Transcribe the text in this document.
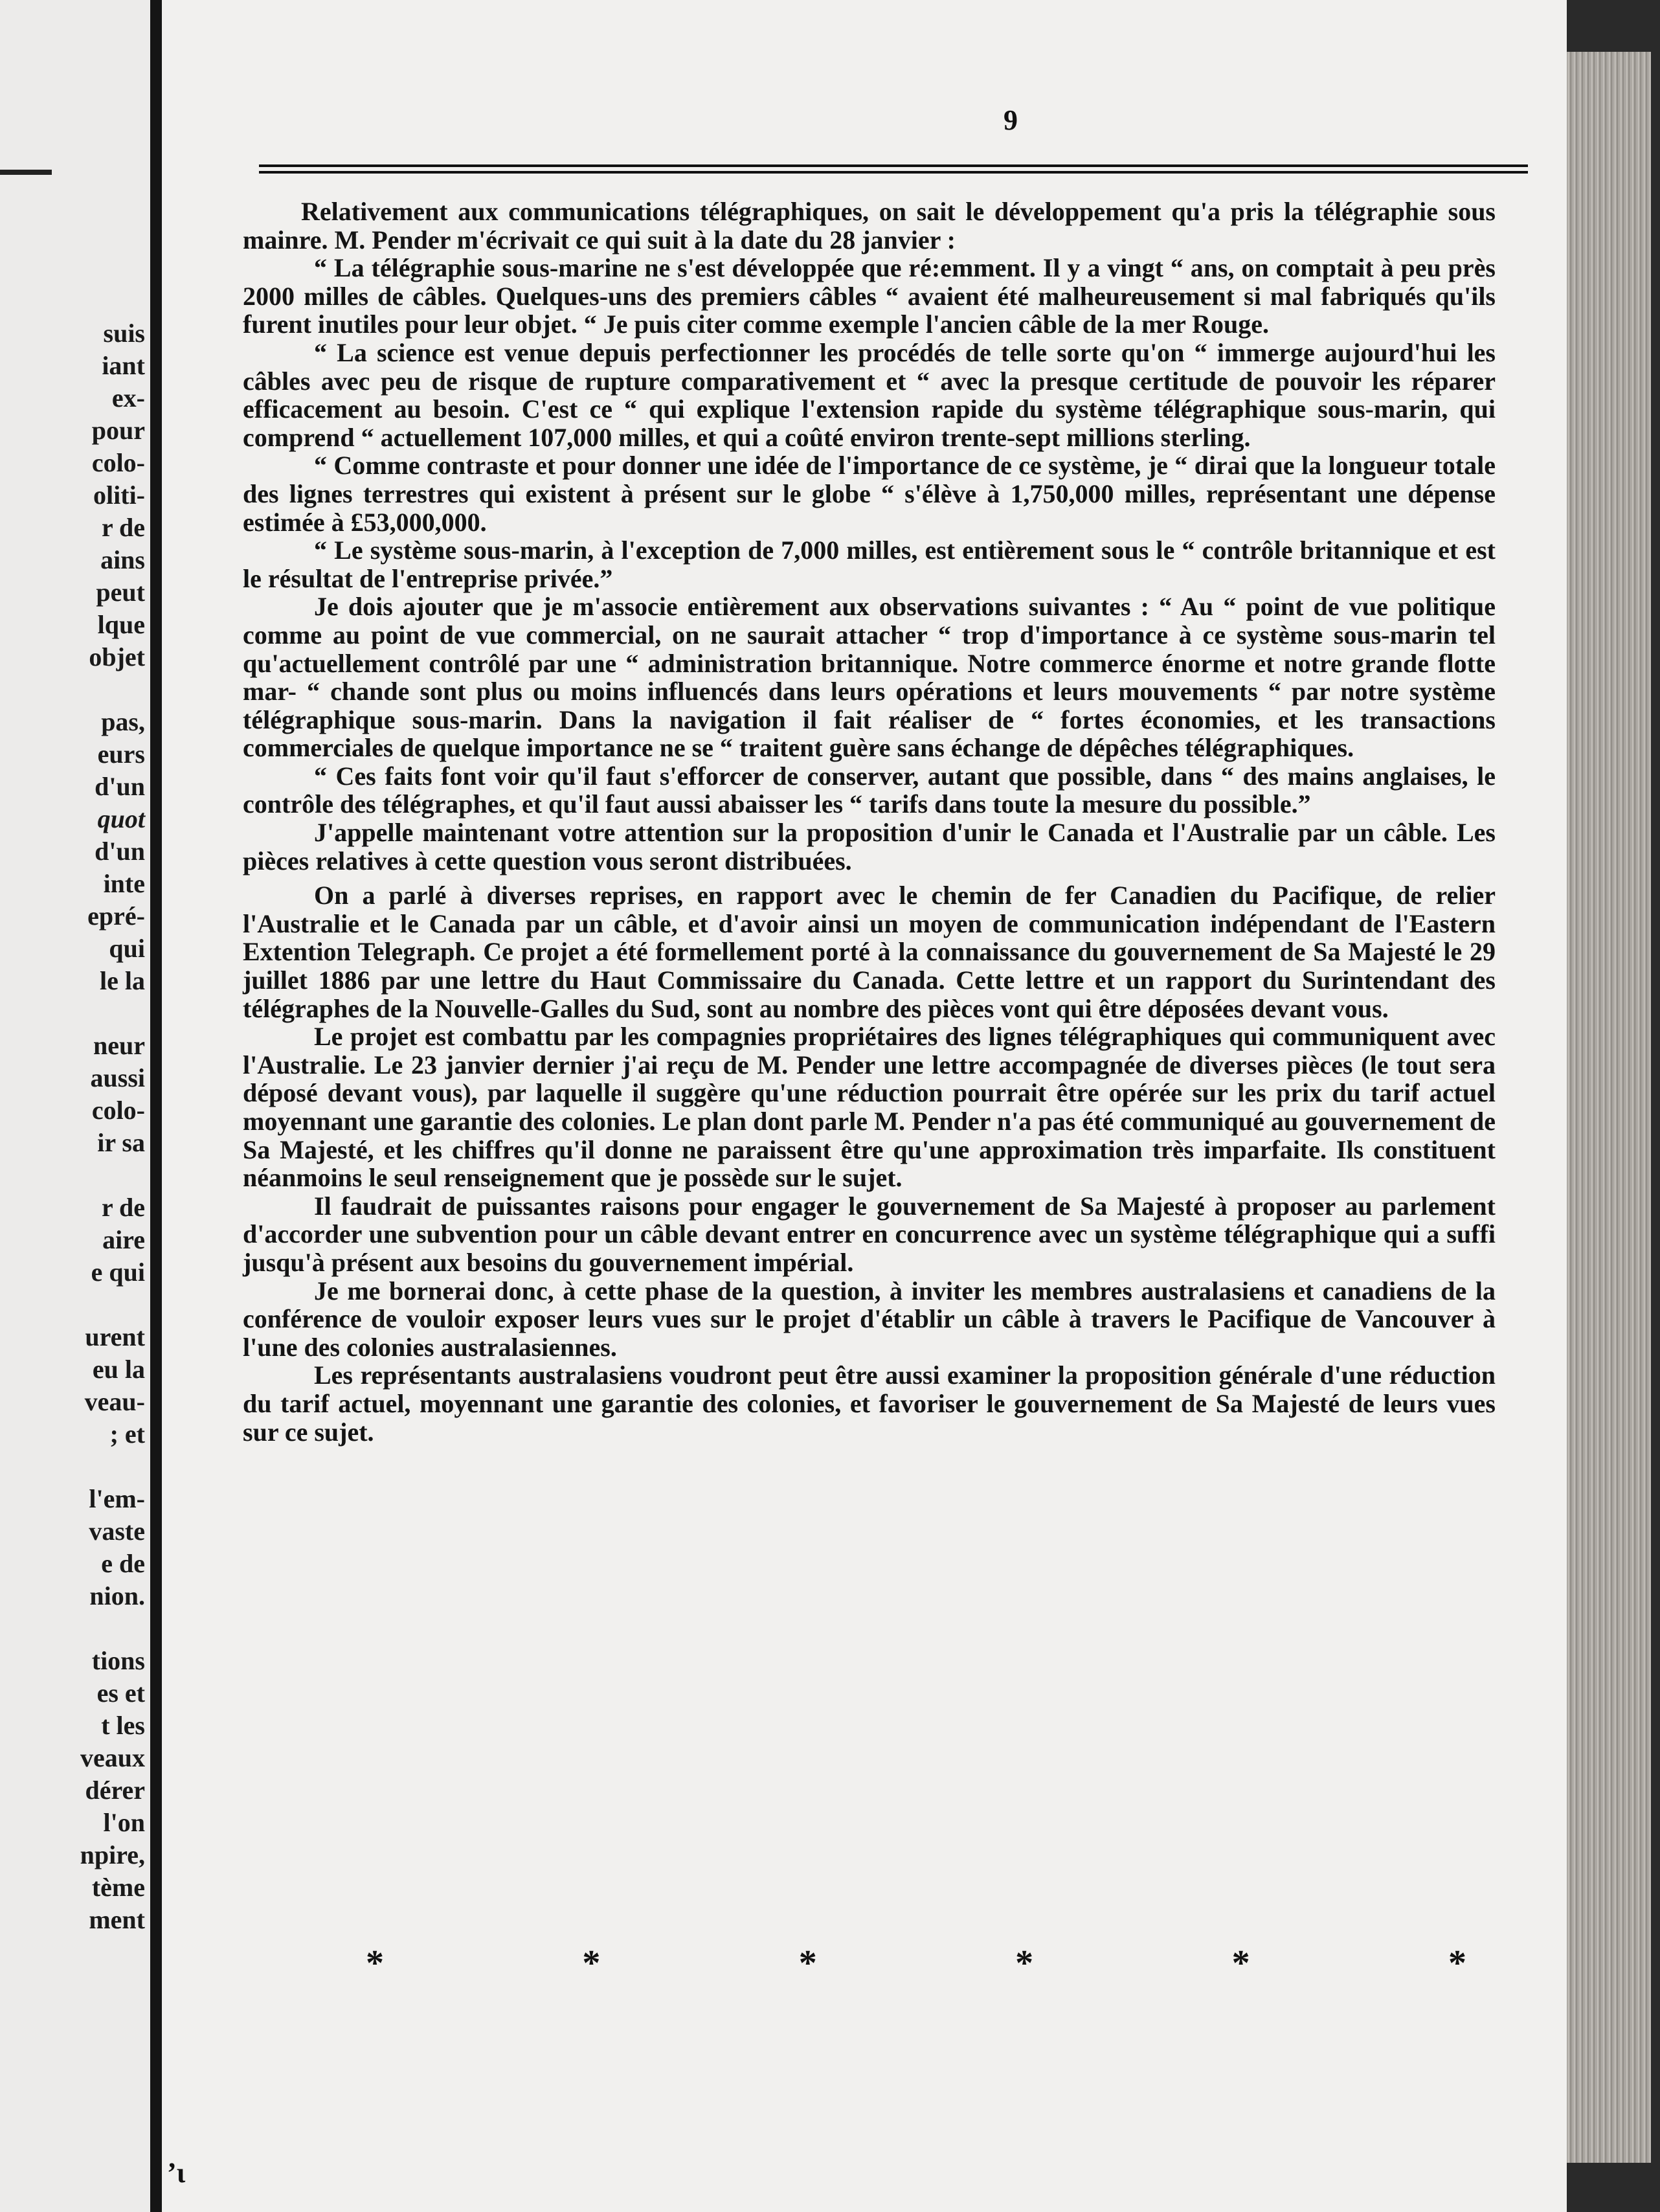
suis
iant
ex-
pour
colo-
oliti-
r de
ains
peut
lque
objet
pas,
eurs
d'un
quot
d'un
inte
epré-
qui
le la
neur
aussi
colo-
ir sa
r de
aire
e qui
urent
eu la
veau-
; et
l'em-
vaste
e de
nion.
tions
es et
t les
veaux
dérer
l'on
npire,
tème
ment
9

Relativement aux communications télégraphiques, on sait le développement qu'a pris la télégraphie sous mainre. M. Pender m'écrivait ce qui suit à la date du 28 janvier :

“ La télégraphie sous-marine ne s'est développée que ré:emment. Il y a vingt “ ans, on comptait à peu près 2000 milles de câbles. Quelques-uns des premiers câbles “ avaient été malheureusement si mal fabriqués qu'ils furent inutiles pour leur objet. “ Je puis citer comme exemple l'ancien câble de la mer Rouge.

“ La science est venue depuis perfectionner les procédés de telle sorte qu'on “ immerge aujourd'hui les câbles avec peu de risque de rupture comparativement et “ avec la presque certitude de pouvoir les réparer efficacement au besoin. C'est ce “ qui explique l'extension rapide du système télégraphique sous-marin, qui comprend “ actuellement 107,000 milles, et qui a coûté environ trente-sept millions sterling.

“ Comme contraste et pour donner une idée de l'importance de ce système, je “ dirai que la longueur totale des lignes terrestres qui existent à présent sur le globe “ s'élève à 1,750,000 milles, représentant une dépense estimée à £53,000,000.

“ Le système sous-marin, à l'exception de 7,000 milles, est entièrement sous le “ contrôle britannique et est le résultat de l'entreprise privée.”

Je dois ajouter que je m'associe entièrement aux observations suivantes : “ Au “ point de vue politique comme au point de vue commercial, on ne saurait attacher “ trop d'importance à ce système sous-marin tel qu'actuellement contrôlé par une “ administration britannique. Notre commerce énorme et notre grande flotte mar- “ chande sont plus ou moins influencés dans leurs opérations et leurs mouvements “ par notre système télégraphique sous-marin. Dans la navigation il fait réaliser de “ fortes économies, et les transactions commerciales de quelque importance ne se “ traitent guère sans échange de dépêches télégraphiques.

“ Ces faits font voir qu'il faut s'efforcer de conserver, autant que possible, dans “ des mains anglaises, le contrôle des télégraphes, et qu'il faut aussi abaisser les “ tarifs dans toute la mesure du possible.”

J'appelle maintenant votre attention sur la proposition d'unir le Canada et l'Australie par un câble. Les pièces relatives à cette question vous seront distribuées.

On a parlé à diverses reprises, en rapport avec le chemin de fer Canadien du Pacifique, de relier l'Australie et le Canada par un câble, et d'avoir ainsi un moyen de communication indépendant de l'Eastern Extention Telegraph. Ce projet a été formellement porté à la connaissance du gouvernement de Sa Majesté le 29 juillet 1886 par une lettre du Haut Commissaire du Canada. Cette lettre et un rapport du Surintendant des télégraphes de la Nouvelle-Galles du Sud, sont au nombre des pièces vont qui être déposées devant vous.

Le projet est combattu par les compagnies propriétaires des lignes télégraphiques qui communiquent avec l'Australie. Le 23 janvier dernier j'ai reçu de M. Pender une lettre accompagnée de diverses pièces (le tout sera déposé devant vous), par laquelle il suggère qu'une réduction pourrait être opérée sur les prix du tarif actuel moyennant une garantie des colonies. Le plan dont parle M. Pender n'a pas été communiqué au gouvernement de Sa Majesté, et les chiffres qu'il donne ne paraissent être qu'une approximation très imparfaite. Ils constituent néanmoins le seul renseignement que je possède sur le sujet.

Il faudrait de puissantes raisons pour engager le gouvernement de Sa Majesté à proposer au parlement d'accorder une subvention pour un câble devant entrer en concurrence avec un système télégraphique qui a suffi jusqu'à présent aux besoins du gouvernement impérial.

Je me bornerai donc, à cette phase de la question, à inviter les membres australasiens et canadiens de la conférence de vouloir exposer leurs vues sur le projet d'établir un câble à travers le Pacifique de Vancouver à l'une des colonies australasiennes.

Les représentants australasiens voudront peut être aussi examiner la proposition générale d'une réduction du tarif actuel, moyennant une garantie des colonies, et favoriser le gouvernement de Sa Majesté de leurs vues sur ce sujet.

*	*	*	*	*	*
ʼɩ
